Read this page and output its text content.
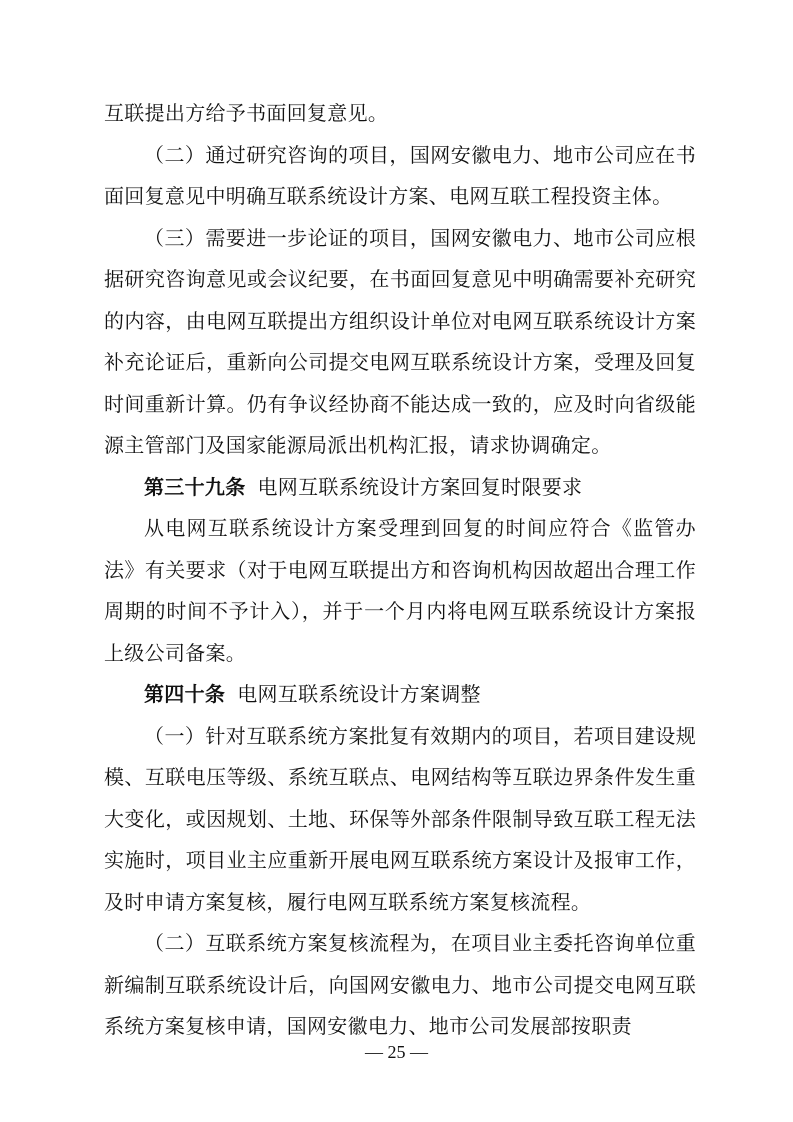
互联提出方给予书面回复意见。

（二）通过研究咨询的项目，国网安徽电力、地市公司应在书面回复意见中明确互联系统设计方案、电网互联工程投资主体。

（三）需要进一步论证的项目，国网安徽电力、地市公司应根据研究咨询意见或会议纪要，在书面回复意见中明确需要补充研究的内容，由电网互联提出方组织设计单位对电网互联系统设计方案补充论证后，重新向公司提交电网互联系统设计方案，受理及回复时间重新计算。仍有争议经协商不能达成一致的，应及时向省级能源主管部门及国家能源局派出机构汇报，请求协调确定。

第三十九条 电网互联系统设计方案回复时限要求

从电网互联系统设计方案受理到回复的时间应符合《监管办法》有关要求（对于电网互联提出方和咨询机构因故超出合理工作周期的时间不予计入），并于一个月内将电网互联系统设计方案报上级公司备案。

第四十条 电网互联系统设计方案调整

（一）针对互联系统方案批复有效期内的项目，若项目建设规模、互联电压等级、系统互联点、电网结构等互联边界条件发生重大变化，或因规划、土地、环保等外部条件限制导致互联工程无法实施时，项目业主应重新开展电网互联系统方案设计及报审工作，及时申请方案复核，履行电网互联系统方案复核流程。

（二）互联系统方案复核流程为，在项目业主委托咨询单位重新编制互联系统设计后，向国网安徽电力、地市公司提交电网互联系统方案复核申请，国网安徽电力、地市公司发展部按职责

— 25 —
